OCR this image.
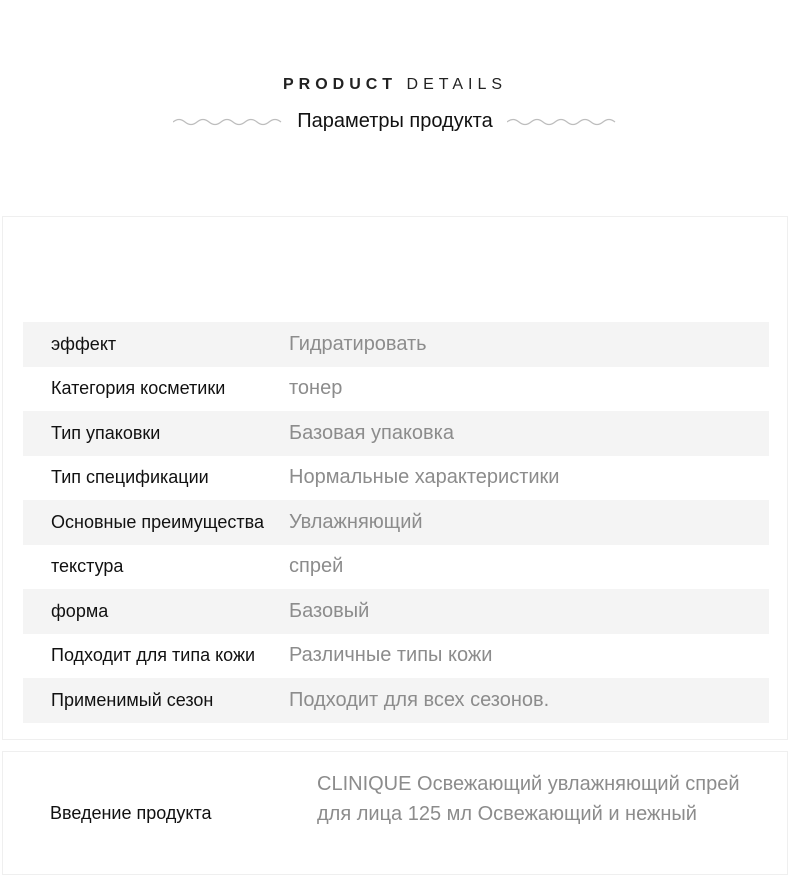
PRODUCT DETAILS
Параметры продукта
эффект	Гидратировать
Категория косметики	тонер
Тип упаковки	Базовая упаковка
Тип спецификации	Нормальные характеристики
Основные преимущества	Увлажняющий
текстура	спрей
форма	Базовый
Подходит для типа кожи	Различные типы кожи
Применимый сезон	Подходит для всех сезонов.
Введение продукта
CLINIQUE Освежающий увлажняющий спрей для лица 125 мл Освежающий и нежный
